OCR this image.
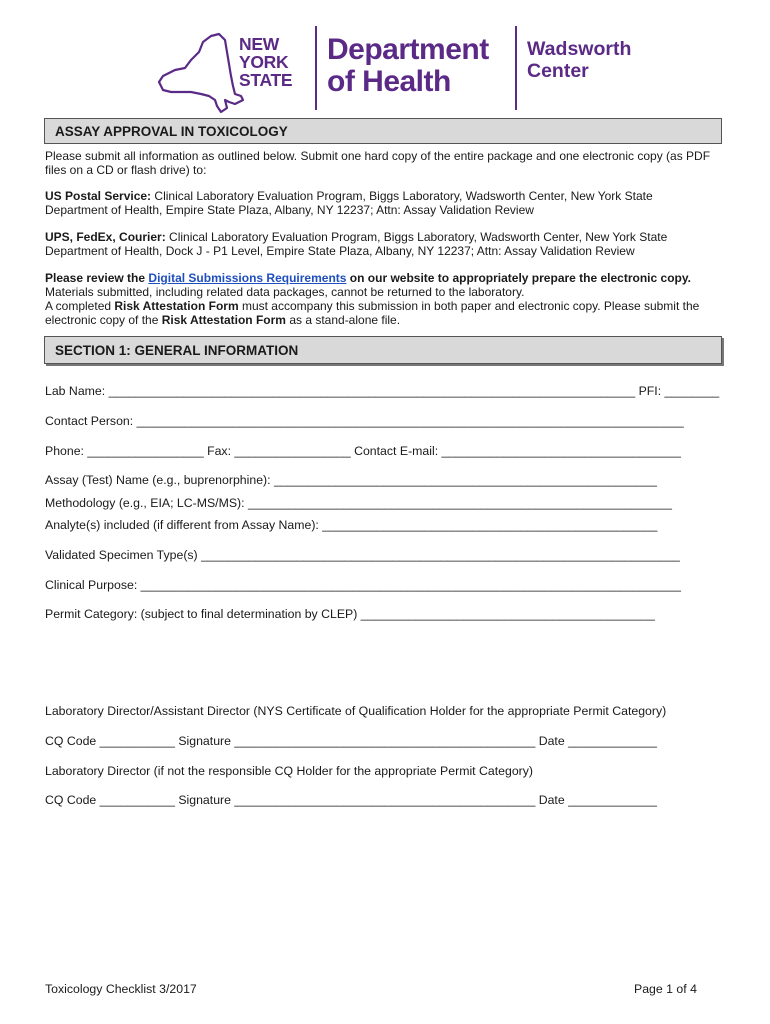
NEW
YORK
STATE
Department
of Health
Wadsworth
Center
ASSAY APPROVAL IN TOXICOLOGY
Please submit all information as outlined below. Submit one hard copy of the entire package and one electronic copy (as PDF files on a CD or flash drive) to:
US Postal Service: Clinical Laboratory Evaluation Program, Biggs Laboratory, Wadsworth Center, New York State Department of Health, Empire State Plaza, Albany, NY 12237; Attn: Assay Validation Review
UPS, FedEx, Courier: Clinical Laboratory Evaluation Program, Biggs Laboratory, Wadsworth Center, New York State Department of Health, Dock J - P1 Level, Empire State Plaza, Albany, NY 12237; Attn: Assay Validation Review
Please review the Digital Submissions Requirements on our website to appropriately prepare the electronic copy. Materials submitted, including related data packages, cannot be returned to the laboratory.
A completed Risk Attestation Form must accompany this submission in both paper and electronic copy. Please submit the electronic copy of the Risk Attestation Form as a stand-alone file.
SECTION 1: GENERAL INFORMATION
Lab Name: _____________________________________________________________________________ PFI: ________
Contact Person: ________________________________________________________________________________
Phone: _________________ Fax: _________________ Contact E-mail: ___________________________________
Assay (Test) Name (e.g., buprenorphine): ________________________________________________________
Methodology (e.g., EIA; LC-MS/MS): ______________________________________________________________
Analyte(s) included (if different from Assay Name): _________________________________________________
Validated Specimen Type(s) ______________________________________________________________________
Clinical Purpose: _______________________________________________________________________________
Permit Category: (subject to final determination by CLEP) ___________________________________________
Laboratory Director/Assistant Director (NYS Certificate of Qualification Holder for the appropriate Permit Category)
CQ Code ___________ Signature ____________________________________________ Date _____________
Laboratory Director (if not the responsible CQ Holder for the appropriate Permit Category)
CQ Code ___________ Signature ____________________________________________ Date _____________
Toxicology Checklist 3/2017	Page 1 of 4
